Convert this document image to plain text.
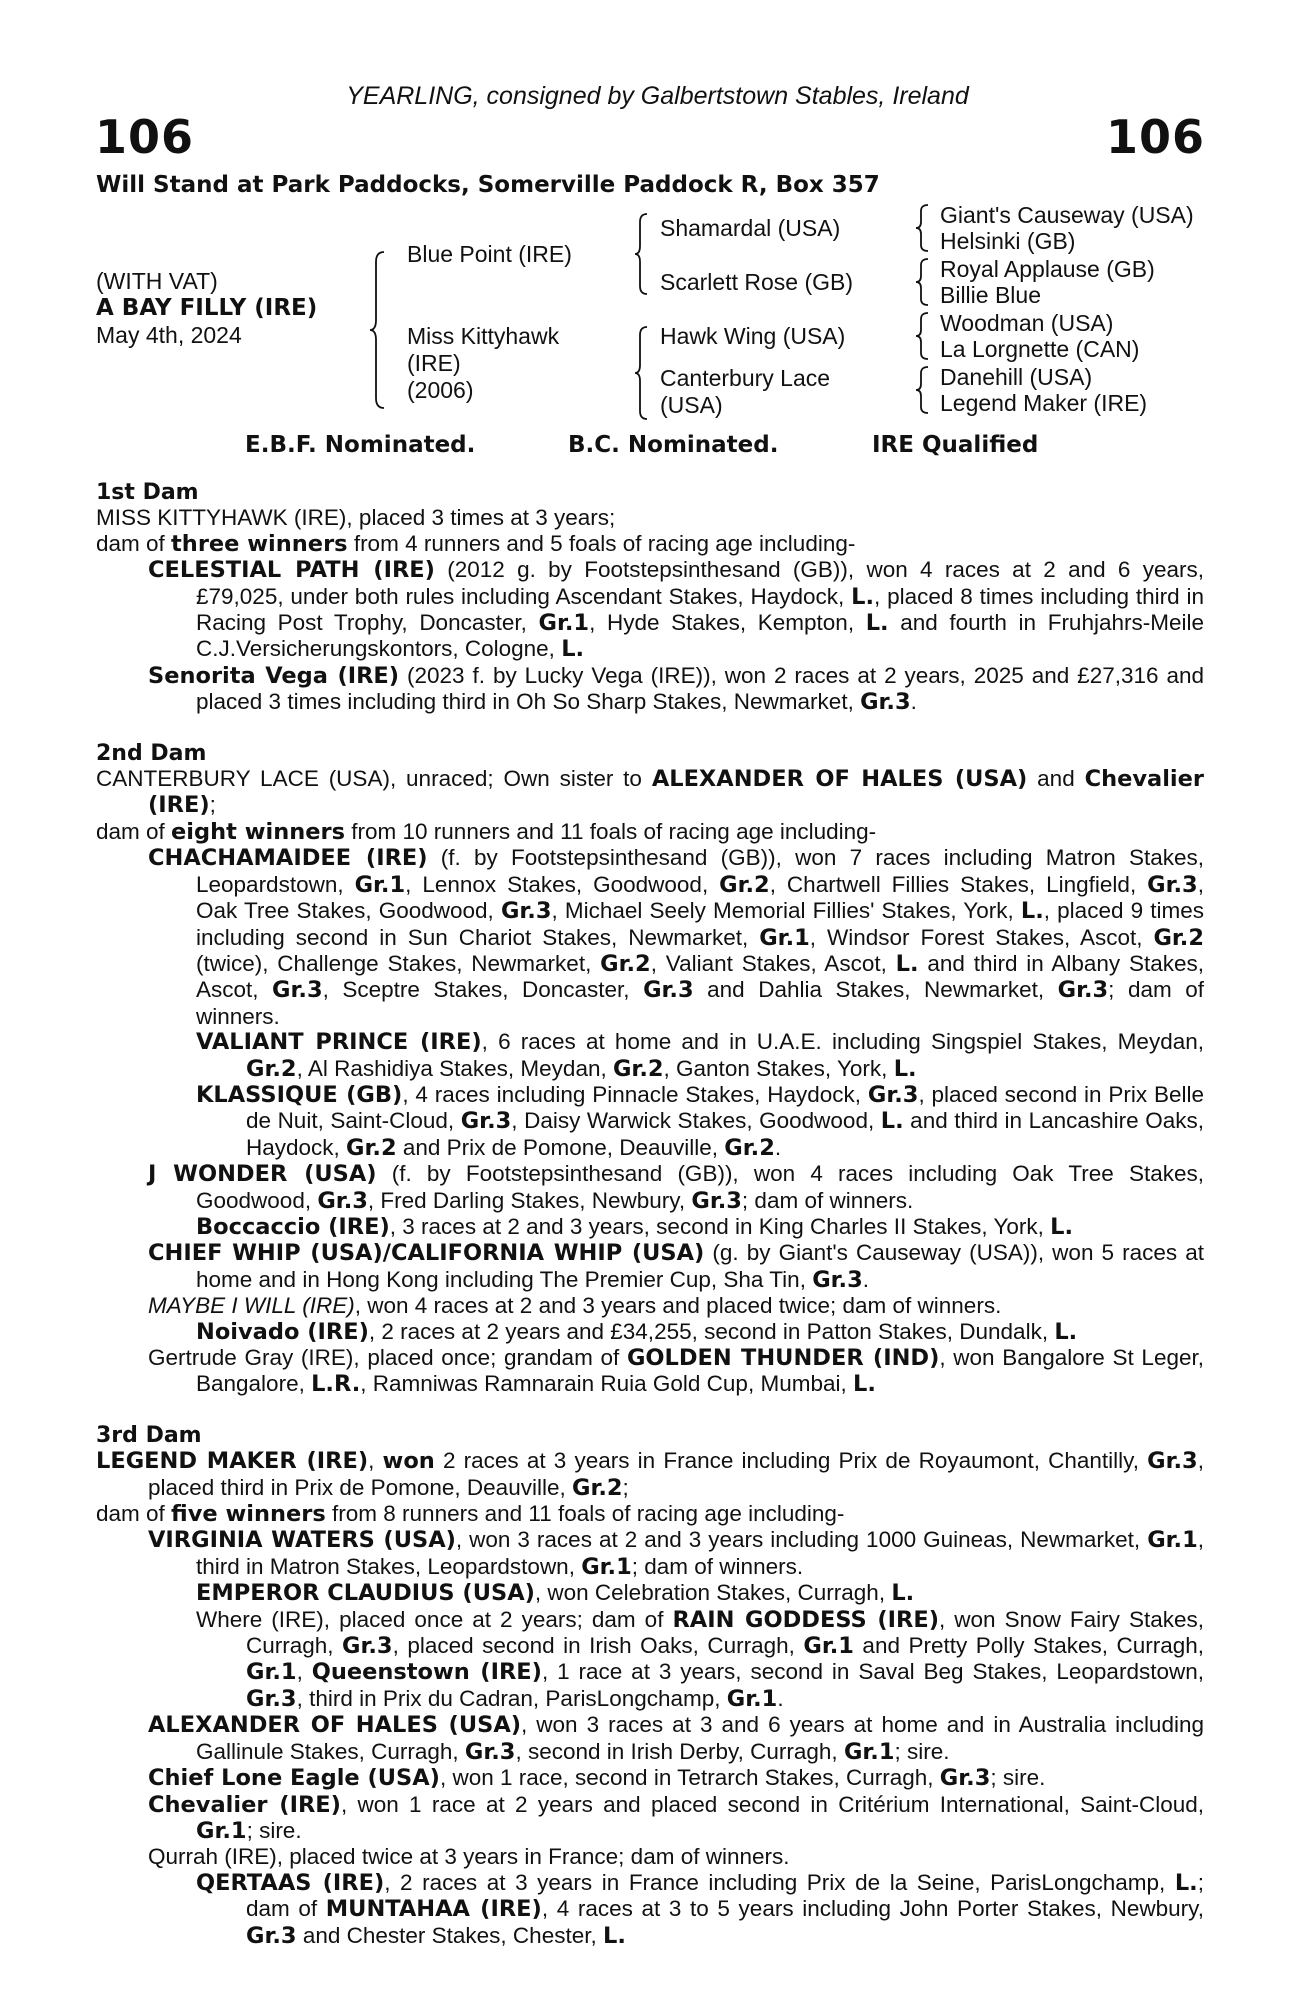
YEARLING, consigned by Galbertstown Stables, Ireland
106	106
Will Stand at Park Paddocks, Somerville Paddock R, Box 357
(WITH VAT)
A BAY FILLY (IRE)
May 4th, 2024
Blue Point (IRE)
Miss Kittyhawk
(IRE)
(2006)
Shamardal (USA)
Scarlett Rose (GB)
Hawk Wing (USA)
Canterbury Lace
(USA)
Giant's Causeway (USA)
Helsinki (GB)
Royal Applause (GB)
Billie Blue
Woodman (USA)
La Lorgnette (CAN)
Danehill (USA)
Legend Maker (IRE)
E.B.F. Nominated.	B.C. Nominated.	IRE Qualified
1st Dam
MISS KITTYHAWK (IRE), placed 3 times at 3 years;
dam of three winners from 4 runners and 5 foals of racing age including-
CELESTIAL PATH (IRE) (2012 g. by Footstepsinthesand (GB)), won 4 races at 2 and 6 years, £79,025, under both rules including Ascendant Stakes, Haydock, L., placed 8 times including third in Racing Post Trophy, Doncaster, Gr.1, Hyde Stakes, Kempton, L. and fourth in Fruhjahrs-Meile C.J.Versicherungskontors, Cologne, L.
Senorita Vega (IRE) (2023 f. by Lucky Vega (IRE)), won 2 races at 2 years, 2025 and £27,316 and placed 3 times including third in Oh So Sharp Stakes, Newmarket, Gr.3.
2nd Dam
CANTERBURY LACE (USA), unraced; Own sister to ALEXANDER OF HALES (USA) and Chevalier (IRE);
dam of eight winners from 10 runners and 11 foals of racing age including-
CHACHAMAIDEE (IRE) (f. by Footstepsinthesand (GB)), won 7 races including Matron Stakes, Leopardstown, Gr.1, Lennox Stakes, Goodwood, Gr.2, Chartwell Fillies Stakes, Lingfield, Gr.3, Oak Tree Stakes, Goodwood, Gr.3, Michael Seely Memorial Fillies' Stakes, York, L., placed 9 times including second in Sun Chariot Stakes, Newmarket, Gr.1, Windsor Forest Stakes, Ascot, Gr.2 (twice), Challenge Stakes, Newmarket, Gr.2, Valiant Stakes, Ascot, L. and third in Albany Stakes, Ascot, Gr.3, Sceptre Stakes, Doncaster, Gr.3 and Dahlia Stakes, Newmarket, Gr.3; dam of winners.
VALIANT PRINCE (IRE), 6 races at home and in U.A.E. including Singspiel Stakes, Meydan, Gr.2, Al Rashidiya Stakes, Meydan, Gr.2, Ganton Stakes, York, L.
KLASSIQUE (GB), 4 races including Pinnacle Stakes, Haydock, Gr.3, placed second in Prix Belle de Nuit, Saint-Cloud, Gr.3, Daisy Warwick Stakes, Goodwood, L. and third in Lancashire Oaks, Haydock, Gr.2 and Prix de Pomone, Deauville, Gr.2.
J WONDER (USA) (f. by Footstepsinthesand (GB)), won 4 races including Oak Tree Stakes, Goodwood, Gr.3, Fred Darling Stakes, Newbury, Gr.3; dam of winners.
Boccaccio (IRE), 3 races at 2 and 3 years, second in King Charles II Stakes, York, L.
CHIEF WHIP (USA)/CALIFORNIA WHIP (USA) (g. by Giant's Causeway (USA)), won 5 races at home and in Hong Kong including The Premier Cup, Sha Tin, Gr.3.
MAYBE I WILL (IRE), won 4 races at 2 and 3 years and placed twice; dam of winners.
Noivado (IRE), 2 races at 2 years and £34,255, second in Patton Stakes, Dundalk, L.
Gertrude Gray (IRE), placed once; grandam of GOLDEN THUNDER (IND), won Bangalore St Leger, Bangalore, L.R., Ramniwas Ramnarain Ruia Gold Cup, Mumbai, L.
3rd Dam
LEGEND MAKER (IRE), won 2 races at 3 years in France including Prix de Royaumont, Chantilly, Gr.3, placed third in Prix de Pomone, Deauville, Gr.2;
dam of five winners from 8 runners and 11 foals of racing age including-
VIRGINIA WATERS (USA), won 3 races at 2 and 3 years including 1000 Guineas, Newmarket, Gr.1, third in Matron Stakes, Leopardstown, Gr.1; dam of winners.
EMPEROR CLAUDIUS (USA), won Celebration Stakes, Curragh, L.
Where (IRE), placed once at 2 years; dam of RAIN GODDESS (IRE), won Snow Fairy Stakes, Curragh, Gr.3, placed second in Irish Oaks, Curragh, Gr.1 and Pretty Polly Stakes, Curragh, Gr.1, Queenstown (IRE), 1 race at 3 years, second in Saval Beg Stakes, Leopardstown, Gr.3, third in Prix du Cadran, ParisLongchamp, Gr.1.
ALEXANDER OF HALES (USA), won 3 races at 3 and 6 years at home and in Australia including Gallinule Stakes, Curragh, Gr.3, second in Irish Derby, Curragh, Gr.1; sire.
Chief Lone Eagle (USA), won 1 race, second in Tetrarch Stakes, Curragh, Gr.3; sire.
Chevalier (IRE), won 1 race at 2 years and placed second in Critérium International, Saint-Cloud, Gr.1; sire.
Qurrah (IRE), placed twice at 3 years in France; dam of winners.
QERTAAS (IRE), 2 races at 3 years in France including Prix de la Seine, ParisLongchamp, L.; dam of MUNTAHAA (IRE), 4 races at 3 to 5 years including John Porter Stakes, Newbury, Gr.3 and Chester Stakes, Chester, L.
